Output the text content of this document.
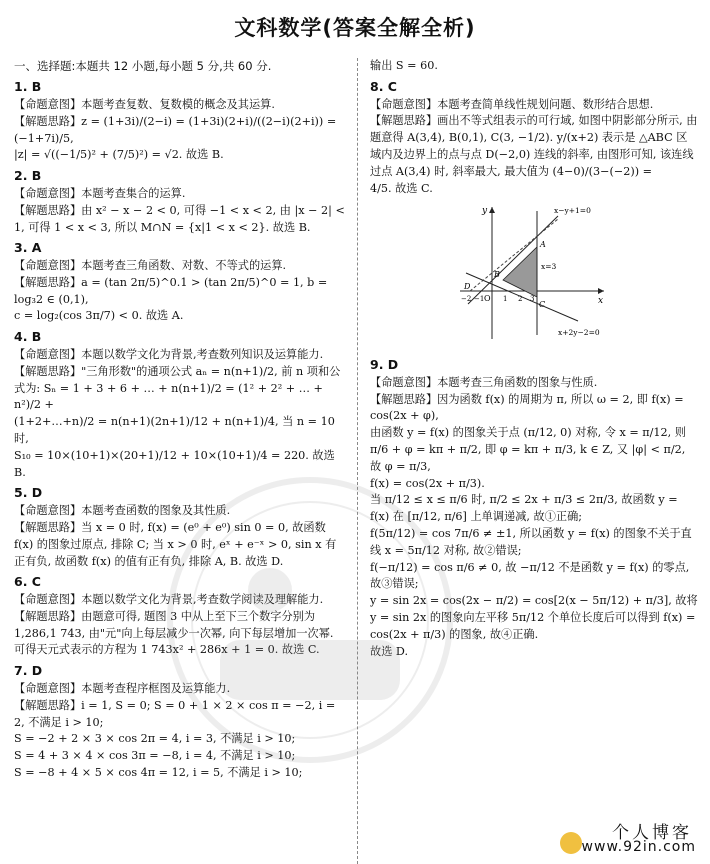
文科数学(答案全解全析)
一、选择题:本题共 12 小题,每小题 5 分,共 60 分.
1. B
【命题意图】本题考查复数、复数模的概念及其运算.
【解题思路】z = (1+3i)/(2−i) = (1+3i)(2+i)/((2−i)(2+i)) = (−1+7i)/5,
|z| = √((−1/5)² + (7/5)²) = √2. 故选 B.
2. B
【命题意图】本题考查集合的运算.
【解题思路】由 x² − x − 2 < 0, 可得 −1 < x < 2, 由 |x − 2| < 1, 可得 1 < x < 3, 所以 M∩N = {x|1 < x < 2}. 故选 B.
3. A
【命题意图】本题考查三角函数、对数、不等式的运算.
【解题思路】a = (tan 2π/5)^0.1 > (tan 2π/5)^0 = 1, b = log₃2 ∈ (0,1),
c = log₂(cos 3π/7) < 0. 故选 A.
4. B
【命题意图】本题以数学文化为背景,考查数列知识及运算能力.
【解题思路】"三角形数"的通项公式 aₙ = n(n+1)/2, 前 n 项和公
式为: Sₙ = 1 + 3 + 6 + … + n(n+1)/2 = (1² + 2² + … + n²)/2 +
(1+2+…+n)/2 = n(n+1)(2n+1)/12 + n(n+1)/4, 当 n = 10 时,
S₁₀ = 10×(10+1)×(20+1)/12 + 10×(10+1)/4 = 220. 故选 B.
5. D
【命题意图】本题考查函数的图象及其性质.
【解题思路】当 x = 0 时, f(x) = (e⁰ + e⁰) sin 0 = 0, 故函数 f(x) 的图象过原点, 排除 C; 当 x > 0 时, eˣ + e⁻ˣ > 0, sin x 有正有负, 故函数 f(x) 的值有正有负, 排除 A, B. 故选 D.
6. C
【命题意图】本题以数学文化为背景,考查数学阅读及理解能力.
【解题思路】由题意可得, 题图 3 中从上至下三个数字分别为 1,286,1 743, 由"元"向上每层减少一次幂, 向下每层增加一次幂. 可得天元式表示的方程为 1 743x² + 286x + 1 = 0. 故选 C.
7. D
【命题意图】本题考查程序框图及运算能力.
【解题思路】i = 1, S = 0; S = 0 + 1 × 2 × cos π = −2, i = 2, 不满足 i > 10;
S = −2 + 2 × 3 × cos 2π = 4, i = 3, 不满足 i > 10;
S = 4 + 3 × 4 × cos 3π = −8, i = 4, 不满足 i > 10;
S = −8 + 4 × 5 × cos 4π = 12, i = 5, 不满足 i > 10;
输出 S = 60.
8. C
【命题意图】本题考查简单线性规划问题、数形结合思想.
【解题思路】画出不等式组表示的可行域, 如图中阴影部分所示, 由题意得 A(3,4), B(0,1), C(3, −1/2). y/(x+2) 表示是 △ABC 区域内及边界上的点与点 D(−2,0) 连线的斜率, 由图形可知, 该连线过点 A(3,4) 时, 斜率最大, 最大值为 (4−0)/(3−(−2)) =
4/5. 故选 C.
y
x
O
A
B
C
D
x−y+1=0
x=3
x+2y−2=0
−2 −1	1 2 3
9. D
【命题意图】本题考查三角函数的图象与性质.
【解题思路】因为函数 f(x) 的周期为 π, 所以 ω = 2, 即 f(x) = cos(2x + φ),
由函数 y = f(x) 的图象关于点 (π/12, 0) 对称, 令 x = π/12, 则 π/6 + φ = kπ + π/2, 即 φ = kπ + π/3, k ∈ Z, 又 |φ| < π/2, 故 φ = π/3,
f(x) = cos(2x + π/3).
当 π/12 ≤ x ≤ π/6 时, π/2 ≤ 2x + π/3 ≤ 2π/3, 故函数 y = f(x) 在 [π/12, π/6] 上单调递减, 故①正确;
f(5π/12) = cos 7π/6 ≠ ±1, 所以函数 y = f(x) 的图象不关于直线 x = 5π/12 对称, 故②错误;
f(−π/12) = cos π/6 ≠ 0, 故 −π/12 不是函数 y = f(x) 的零点, 故③错误;
y = sin 2x = cos(2x − π/2) = cos[2(x − 5π/12) + π/3], 故将 y = sin 2x 的图象向左平移 5π/12 个单位长度后可以得到 f(x) = cos(2x + π/3) 的图象, 故④正确.
故选 D.
个人博客
www.92in.com
